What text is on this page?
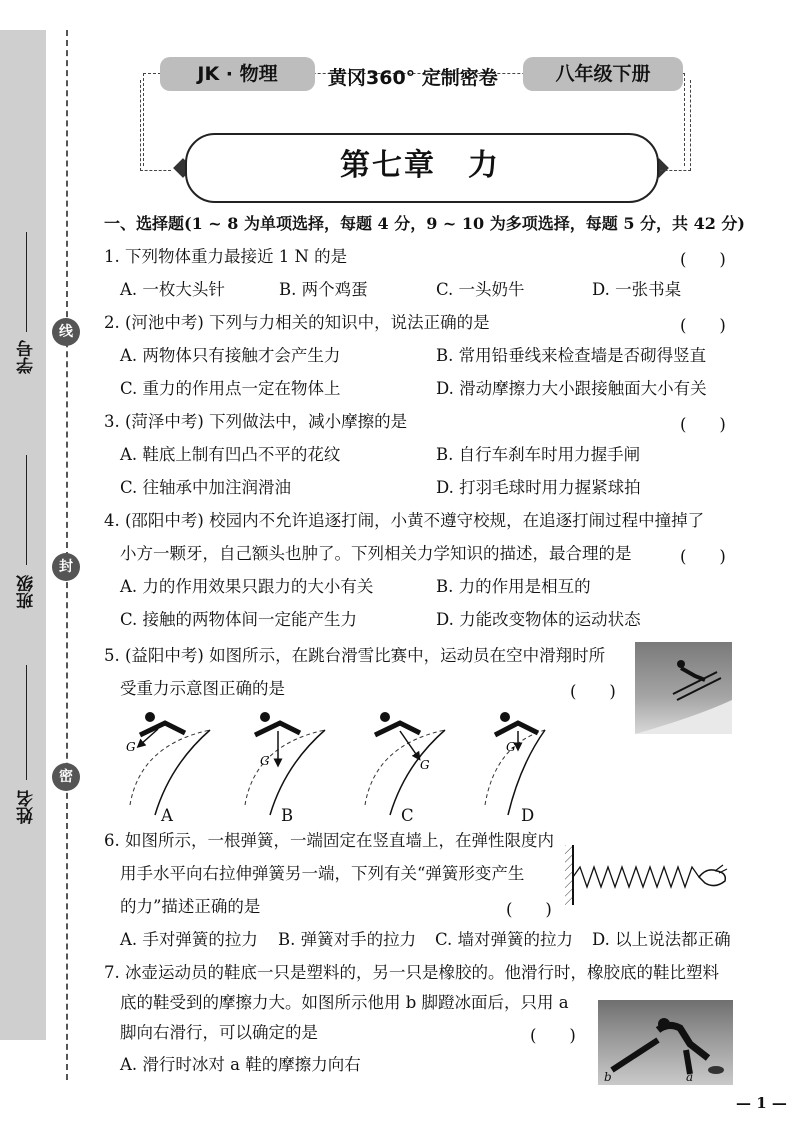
学号
班级
姓名
线
封
密
JK · 物理	黄冈360° 定制密卷	八年级下册
第七章　力
一、选择题(1 ~ 8 为单项选择，每题 4 分，9 ~ 10 为多项选择，每题 5 分，共 42 分)
1. 下列物体重力最接近 1 N 的是	(　　)
A. 一枚大头针	B. 两个鸡蛋	C. 一头奶牛	D. 一张书桌
2. (河池中考) 下列与力相关的知识中，说法正确的是	(　　)
A. 两物体只有接触才会产生力	B. 常用铅垂线来检查墙是否砌得竖直
C. 重力的作用点一定在物体上	D. 滑动摩擦力大小跟接触面大小有关
3. (菏泽中考) 下列做法中，减小摩擦的是	(　　)
A. 鞋底上制有凹凸不平的花纹	B. 自行车刹车时用力握手闸
C. 往轴承中加注润滑油	D. 打羽毛球时用力握紧球拍
4. (邵阳中考) 校园内不允许追逐打闹，小黄不遵守校规，在追逐打闹过程中撞掉了
小方一颗牙，自己额头也肿了。下列相关力学知识的描述，最合理的是	(　　)
A. 力的作用效果只跟力的大小有关	B. 力的作用是相互的
C. 接触的两物体间一定能产生力	D. 力能改变物体的运动状态
5. (益阳中考) 如图所示，在跳台滑雪比赛中，运动员在空中滑翔时所
受重力示意图正确的是	(　　)
G
G	G
G
A	B	C	D
6. 如图所示，一根弹簧，一端固定在竖直墙上，在弹性限度内
用手水平向右拉伸弹簧另一端，下列有关“弹簧形变产生
的力”描述正确的是	(　　)
A. 手对弹簧的拉力 B. 弹簧对手的拉力 C. 墙对弹簧的拉力 D. 以上说法都正确
7. 冰壶运动员的鞋底一只是塑料的，另一只是橡胶的。他滑行时，橡胶底的鞋比塑料
底的鞋受到的摩擦力大。如图所示他用 b 脚蹬冰面后，只用 a
脚向右滑行，可以确定的是	(　　)
A. 滑行时冰对 a 鞋的摩擦力向右
b	a
— 1 —
